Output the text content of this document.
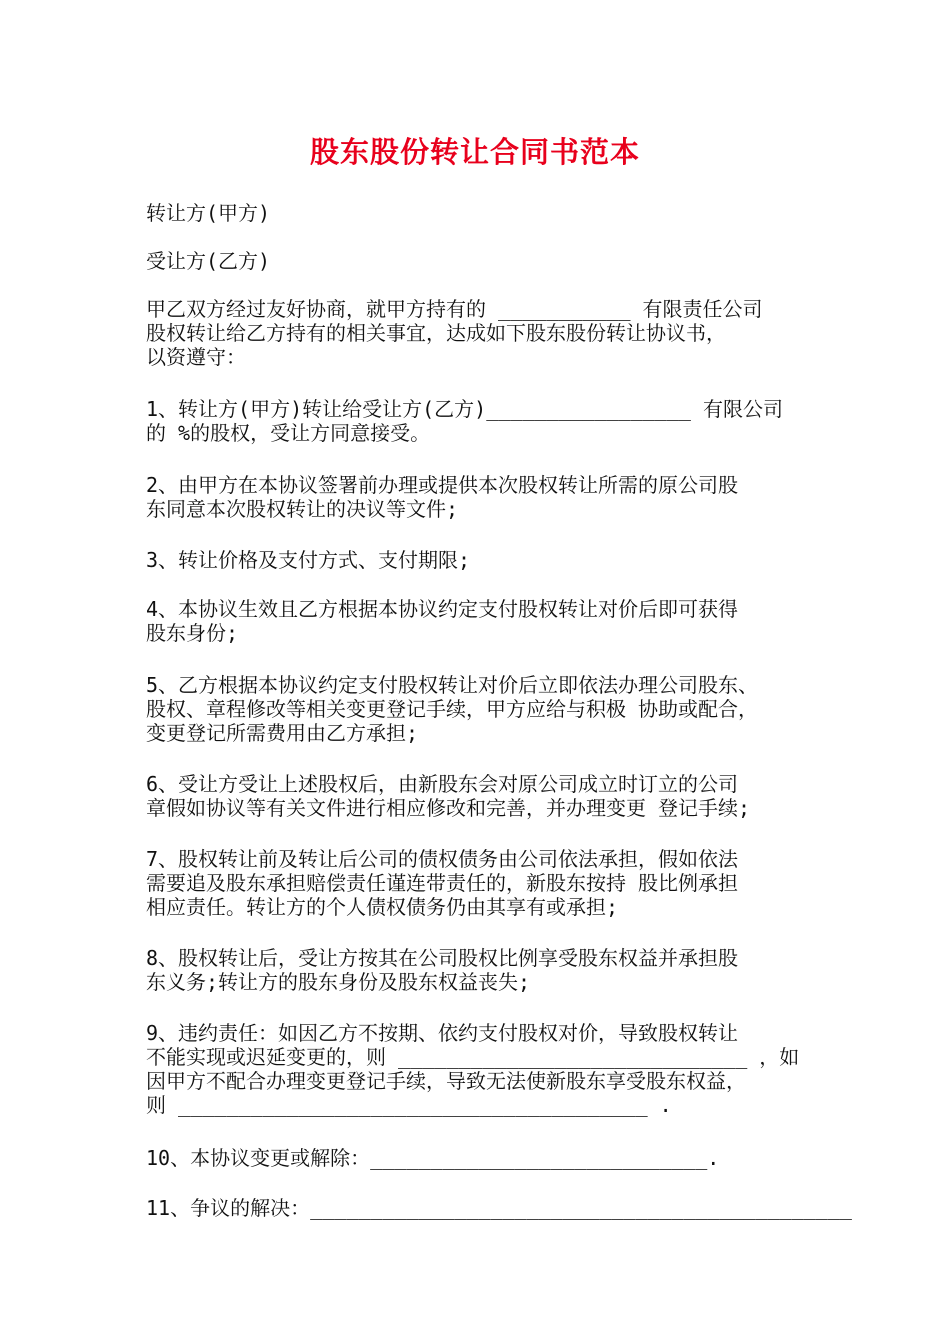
股东股份转让合同书范本
转让方(甲方)
受让方(乙方)
甲乙双方经过友好协商，就甲方持有的 ___________ 有限责任公司
股权转让给乙方持有的相关事宜，达成如下股东股份转让协议书，
以资遵守：
1、转让方(甲方)转让给受让方(乙方)_________________ 有限公司
的 %的股权，受让方同意接受。
2、由甲方在本协议签署前办理或提供本次股权转让所需的原公司股
东同意本次股权转让的决议等文件;
3、转让价格及支付方式、支付期限;
4、本协议生效且乙方根据本协议约定支付股权转让对价后即可获得
股东身份;
5、乙方根据本协议约定支付股权转让对价后立即依法办理公司股东、
股权、章程修改等相关变更登记手续，甲方应给与积极 协助或配合，
变更登记所需费用由乙方承担;
6、受让方受让上述股权后，由新股东会对原公司成立时订立的公司
章假如协议等有关文件进行相应修改和完善，并办理变更 登记手续;
7、股权转让前及转让后公司的债权债务由公司依法承担，假如依法
需要追及股东承担赔偿责任谨连带责任的，新股东按持 股比例承担
相应责任。转让方的个人债权债务仍由其享有或承担;
8、股权转让后，受让方按其在公司股权比例享受股东权益并承担股
东义务;转让方的股东身份及股东权益丧失;
9、违约责任：如因乙方不按期、依约支付股权对价，导致股权转让
不能实现或迟延变更的，则 _____________________________ ，如
因甲方不配合办理变更登记手续，导致无法使新股东享受股东权益，
则 _______________________________________ .
10、本协议变更或解除：____________________________.
11、争议的解决：_____________________________________________
